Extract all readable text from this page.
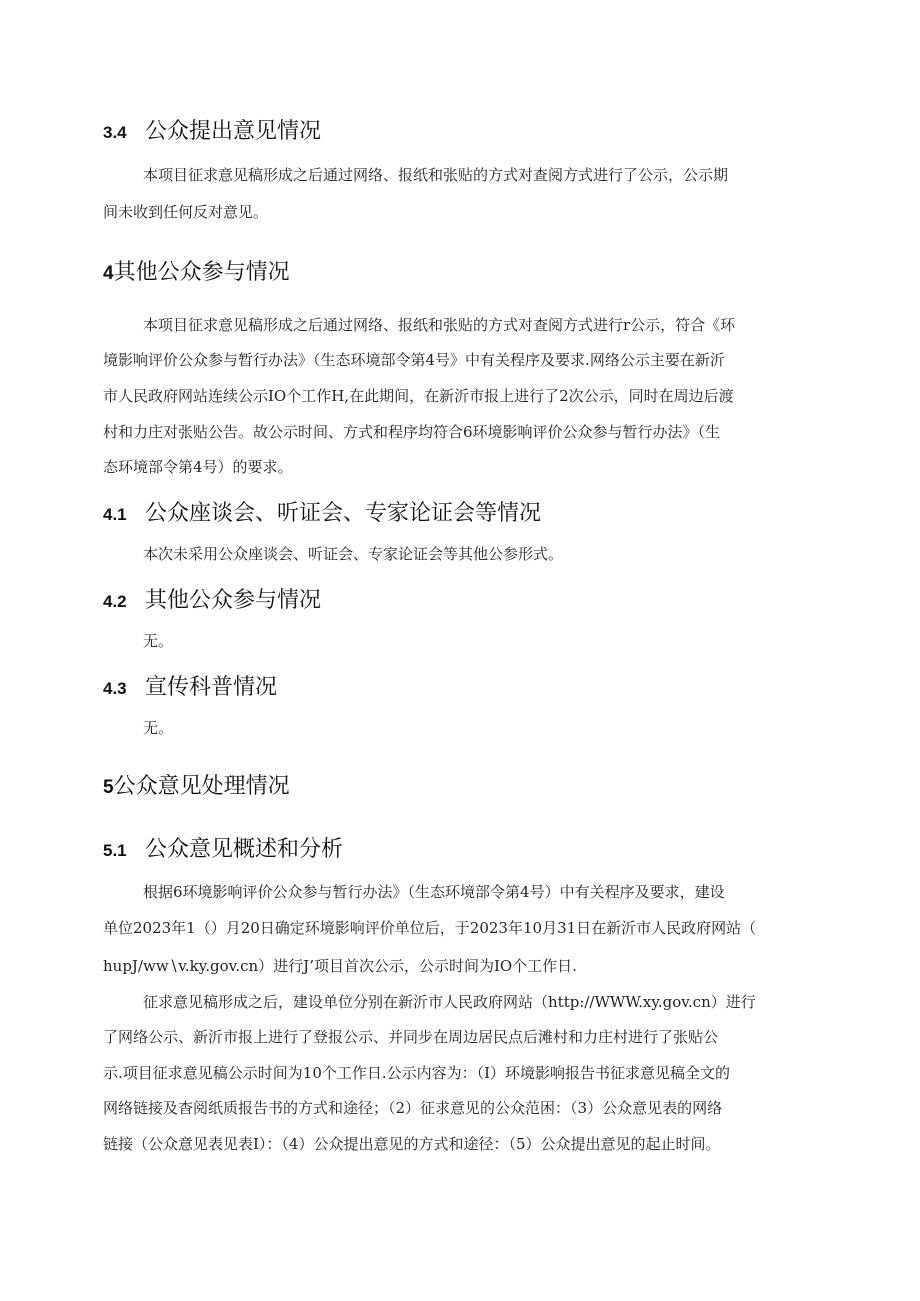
3.4 公众提出意见情况
本项目征求意见稿形成之后通过网络、报纸和张贴的方式对查阅方式进行了公示，公示期
间未收到任何反对意见。
4其他公众参与情况
本项目征求意见稿形成之后通过网络、报纸和张贴的方式对查阅方式进行r公示，符合《环
境影响评价公众参与暂行办法》（生态环境部令第4号》中有关程序及要求.网络公示主要在新沂
市人民政府网站连续公示IO个工作H,在此期间，在新沂市报上进行了2次公示，同时在周边后渡
村和力庄对张贴公告。故公示时间、方式和程序均符合6环境影响评价公众参与暂行办法》（生
态环境部令第4号）的要求。
4.1 公众座谈会、听证会、专家论证会等情况
本次未采用公众座谈会、听证会、专家论证会等其他公参形式。
4.2 其他公众参与情况
无。
4.3 宣传科普情况
无。
5公众意见处理情况
5.1 公众意见概述和分析
根据6环境影响评价公众参与暂行办法》（生态环境部令第4号）中有关程序及要求，建设
单位2023年1（）月20日确定环境影响评价单位后，于2023年10月31日在新沂市人民政府网站（
hupJ∕ww∖v.ky.gov.cn）进行J’项目首次公示，公示时间为IO个工作日.
征求意见稿形成之后，建设单位分别在新沂市人民政府网站（http://WWW.xy.gov.cn）进行
了网络公示、新沂市报上进行了登报公示、并同步在周边居民点后滩村和力庄村进行了张贴公
示.项目征求意见稿公示时间为10个工作日.公示内容为：（I）环境影响报告书征求意见稿全文的
网络链接及杳阅纸质报告书的方式和途径；（2）征求意见的公众范困：（3）公众意见表的网络
链接（公众意见表见表I）：（4）公众提出意见的方式和途径：（5）公众提出意见的起止时间。
